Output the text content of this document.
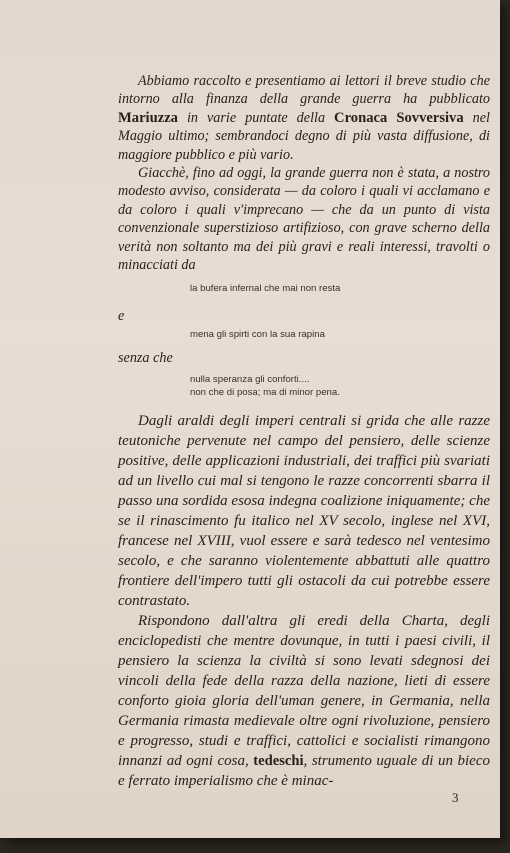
Abbiamo raccolto e presentiamo ai lettori il breve studio che intorno alla finanza della grande guerra ha pubblicato Mariuzza in varie puntate della Cronaca Sovversiva nel Maggio ultimo; sembrandoci degno di più vasta diffusione, di maggiore pubblico e più vario.

Giacchè, fino ad oggi, la grande guerra non è stata, a nostro modesto avviso, considerata — da coloro i quali vi acclamano e da coloro i quali v'imprecano — che da un punto di vista convenzionale superstizioso artifizioso, con grave scherno della verità non soltanto ma dei più gravi e reali interessi, travolti o minacciati da

la bufera infernal che mai non resta

e

mena gli spirti con la sua rapina

senza che

nulla speranza gli conforti....

non che di posa; ma di minor pena.

Dagli araldi degli imperi centrali si grida che alle razze teutoniche pervenute nel campo del pensiero, delle scienze positive, delle applicazioni industriali, dei traffici più svariati ad un livello cui mal si tengono le razze concorrenti sbarra il passo una sordida esosa indegna coalizione iniquamente; che se il rinascimento fu italico nel XV secolo, inglese nel XVI, francese nel XVIII, vuol essere e sarà tedesco nel ventesimo secolo, e che saranno violentemente abbattuti alle quattro frontiere dell'impero tutti gli ostacoli da cui potrebbe essere contrastato.

Rispondono dall'altra gli eredi della Charta, degli enciclopedisti che mentre dovunque, in tutti i paesi civili, il pensiero la scienza la civiltà si sono levati sdegnosi dei vincoli della fede della razza della nazione, lieti di essere conforto gioia gloria dell'uman genere, in Germania, nella Germania rimasta medievale oltre ogni rivoluzione, pensiero e progresso, studi e traffici, cattolici e socialisti rimangono innanzi ad ogni cosa, tedeschi, strumento uguale di un bieco e ferrato imperialismo che è minac-

3
